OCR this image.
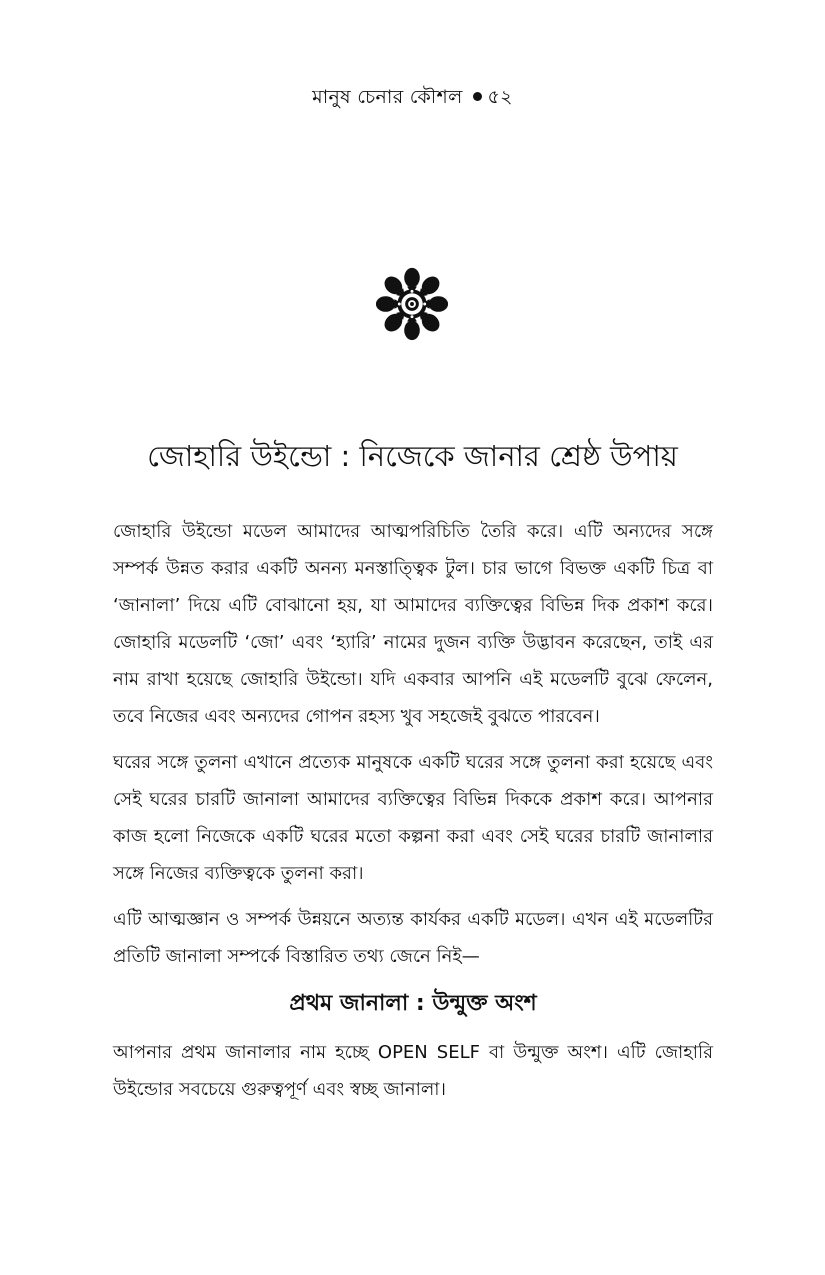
মানুষ চেনার কৌশল ৫২
জোহারি উইন্ডো : নিজেকে জানার শ্রেষ্ঠ উপায়

জোহারি উইন্ডো মডেল আমাদের আত্মপরিচিতি তৈরি করে। এটি অন্যদের সঙ্গে সম্পর্ক উন্নত করার একটি অনন্য মনস্তাত্ত্বিক টুল। চার ভাগে বিভক্ত একটি চিত্র বা ‘জানালা’ দিয়ে এটি বোঝানো হয়, যা আমাদের ব্যক্তিত্বের বিভিন্ন দিক প্রকাশ করে। জোহারি মডেলটি ‘জো’ এবং ‘হ্যারি’ নামের দুজন ব্যক্তি উদ্ভাবন করেছেন, তাই এর নাম রাখা হয়েছে জোহারি উইন্ডো। যদি একবার আপনি এই মডেলটি বুঝে ফেলেন, তবে নিজের এবং অন্যদের গোপন রহস্য খুব সহজেই বুঝতে পারবেন।

ঘরের সঙ্গে তুলনা এখানে প্রত্যেক মানুষকে একটি ঘরের সঙ্গে তুলনা করা হয়েছে এবং সেই ঘরের চারটি জানালা আমাদের ব্যক্তিত্বের বিভিন্ন দিককে প্রকাশ করে। আপনার কাজ হলো নিজেকে একটি ঘরের মতো কল্পনা করা এবং সেই ঘরের চারটি জানালার সঙ্গে নিজের ব্যক্তিত্বকে তুলনা করা।

এটি আত্মজ্ঞান ও সম্পর্ক উন্নয়নে অত্যন্ত কার্যকর একটি মডেল। এখন এই মডেলটির প্রতিটি জানালা সম্পর্কে বিস্তারিত তথ্য জেনে নিই—

প্রথম জানালা : উন্মুক্ত অংশ

আপনার প্রথম জানালার নাম হচ্ছে OPEN SELF বা উন্মুক্ত অংশ। এটি জোহারি উইন্ডোর সবচেয়ে গুরুত্বপূর্ণ এবং স্বচ্ছ জানালা।
